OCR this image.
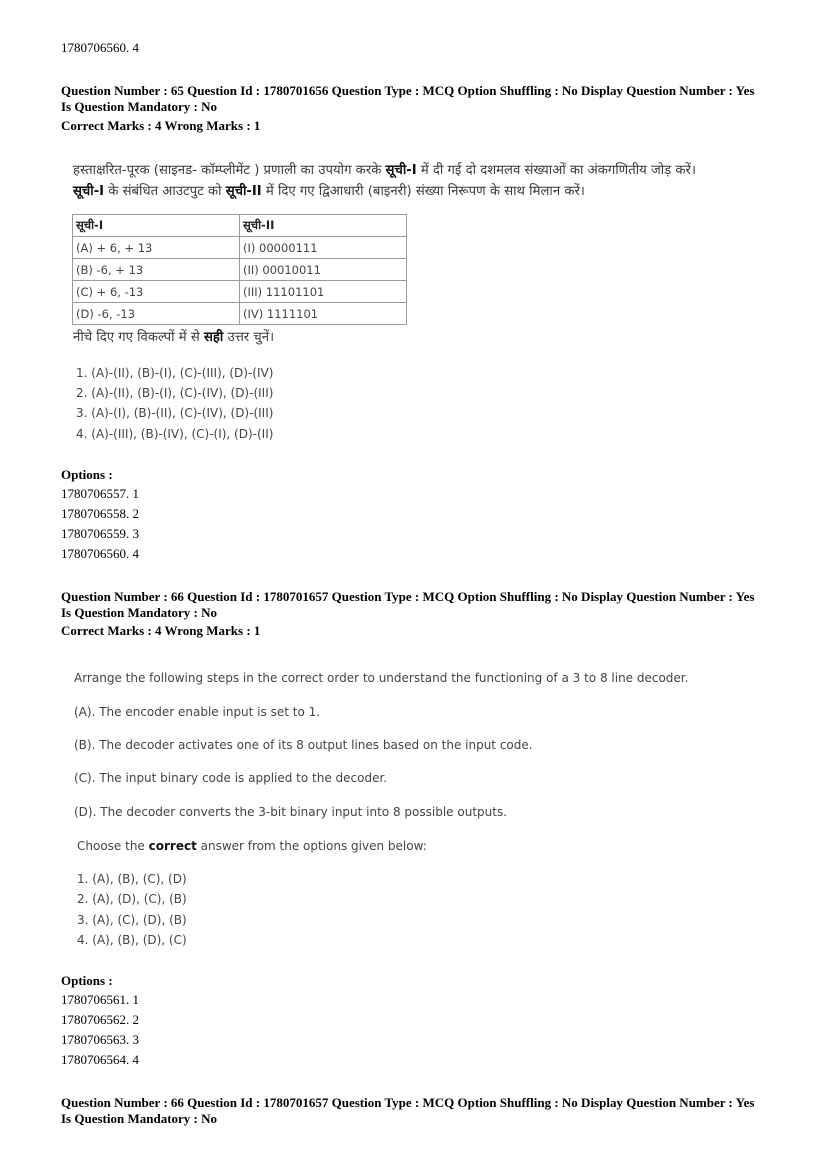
1780706560. 4
Question Number : 65 Question Id : 1780701656 Question Type : MCQ Option Shuffling : No Display Question Number : Yes
Is Question Mandatory : No
Correct Marks : 4 Wrong Marks : 1
हस्ताक्षरित-पूरक (साइनड- कॉम्प्लीमेंट ) प्रणाली का उपयोग करके सूची-I में दी गई दो दशमलव संख्याओं का अंकगणितीय जोड़ करें।
सूची-I के संबंधित आउटपुट को सूची-II में दिए गए द्विआधारी (बाइनरी) संख्या निरूपण के साथ मिलान करें।
सूची-I	सूची-II
(A) + 6, + 13	(I) 00000111
(B) -6, + 13	(II) 00010011
(C) + 6, -13	(III) 11101101
(D) -6, -13	(IV) 1111101
नीचे दिए गए विकल्पों में से सही उत्तर चुनें।
1. (A)-(II), (B)-(I), (C)-(III), (D)-(IV)
2. (A)-(II), (B)-(I), (C)-(IV), (D)-(III)
3. (A)-(I), (B)-(II), (C)-(IV), (D)-(III)
4. (A)-(III), (B)-(IV), (C)-(I), (D)-(II)
Options :
1780706557. 1
1780706558. 2
1780706559. 3
1780706560. 4
Question Number : 66 Question Id : 1780701657 Question Type : MCQ Option Shuffling : No Display Question Number : Yes
Is Question Mandatory : No
Correct Marks : 4 Wrong Marks : 1
Arrange the following steps in the correct order to understand the functioning of a 3 to 8 line decoder.
(A). The encoder enable input is set to 1.
(B). The decoder activates one of its 8 output lines based on the input code.
(C). The input binary code is applied to the decoder.
(D). The decoder converts the 3-bit binary input into 8 possible outputs.
Choose the correct answer from the options given below:
1. (A), (B), (C), (D)
2. (A), (D), (C), (B)
3. (A), (C), (D), (B)
4. (A), (B), (D), (C)
Options :
1780706561. 1
1780706562. 2
1780706563. 3
1780706564. 4
Question Number : 66 Question Id : 1780701657 Question Type : MCQ Option Shuffling : No Display Question Number : Yes
Is Question Mandatory : No
